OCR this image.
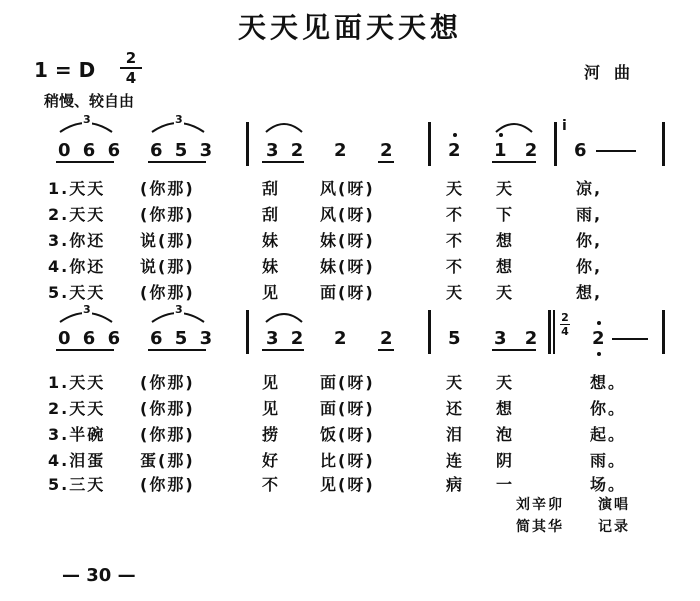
天天见面天天想
1 = D	2
4	河曲
稍慢、较自由
3	3
0 6 6 6 5 3	3 2 2 2	2 1 2
i
6
1.天天 (你那)	刮 风(呀)	天 天	凉,
2.天天 (你那)	刮 风(呀)	不 下	雨,
3.你还 说(那)	妹 妹(呀)	不 想	你,
4.你还 说(那)	妹 妹(呀)	不 想	你,
5.天天 (你那)	见 面(呀)	天 天	想,
3	3
0 6 6 6 5 3	3 2 2 2	5 3 2
2
4 2
1.天天 (你那)	见 面(呀)	天 天	想。
2.天天 (你那)	见 面(呀)	还 想	你。
3.半碗 (你那)	捞 饭(呀)	泪 泡	起。
4.泪蛋 蛋(那)	好 比(呀)	连 阴	雨。
5.三天 (你那)	不 见(呀)	病 一	场。
刘辛卯 演唱
简其华 记录
— 30 —
